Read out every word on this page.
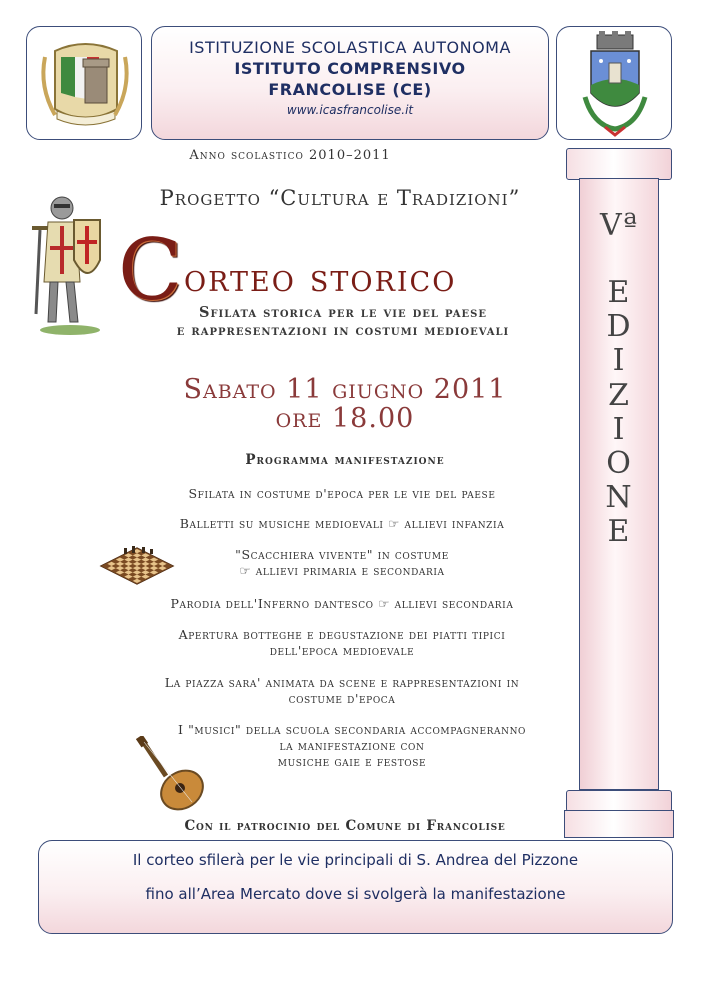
ISTITUZIONE SCOLASTICA AUTONOMA
ISTITUTO COMPRENSIVO
FRANCOLISE (CE)
www.icasfrancolise.it
Anno scolastico 2010–2011
Progetto “Cultura e Tradizioni”
C orteo storico
Sfilata storica per le vie del paese
e rappresentazioni in costumi medioevali
Sabato 11 giugno 2011
ore 18.00
Programma manifestazione
Sfilata in costume d'epoca per le vie del paese
Balletti su musiche medioevali ☞ allievi infanzia
"Scacchiera vivente" in costume
☞ allievi primaria e secondaria
Parodia dell'Inferno dantesco ☞ allievi secondaria
Apertura botteghe e degustazione dei piatti tipici
dell'epoca medioevale
La piazza sara' animata da scene e rappresentazioni in
costume d'epoca
I "musici" della scuola secondaria accompagneranno
la manifestazione con
musiche gaie e festose
Con il patrocinio del Comune di Francolise
Vª
E
D
I
Z
I
O
N
E
Il corteo sfilerà per le vie principali di S. Andrea del Pizzone
fino all’Area Mercato dove si svolgerà la manifestazione
